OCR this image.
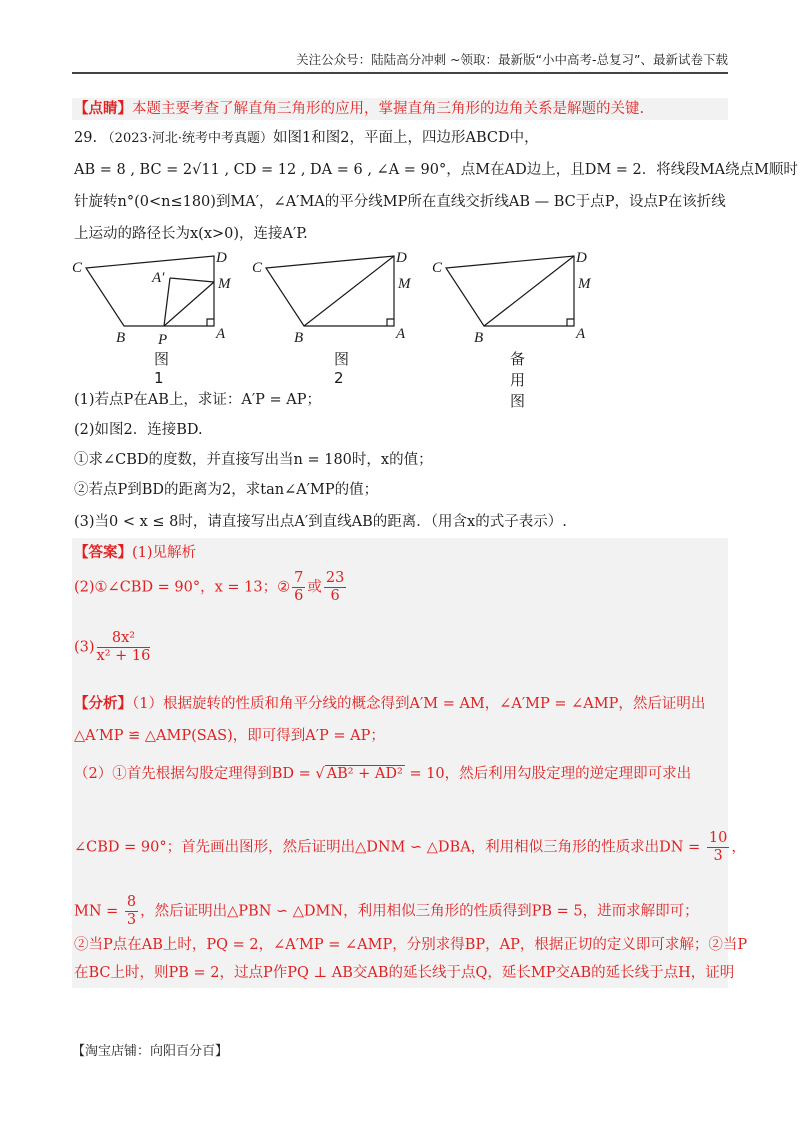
关注公众号：陆陆高分冲刺 ~领取：最新版“小中高考-总复习”、最新试卷下载
【点睛】本题主要考查了解直角三角形的应用，掌握直角三角形的边角关系是解题的关键.
29. （2023·河北·统考中考真题）如图1和图2，平面上，四边形ABCD中，
AB = 8 , BC = 2√11 , CD = 12 , DA = 6 , ∠A = 90°，点M在AD边上，且DM = 2．将线段MA绕点M顺时
针旋转n°(0<n≤180)到MA′，∠A′MA的平分线MP所在直线交折线AB — BC于点P，设点P在该折线
上运动的路径长为x(x>0)，连接A′P.
C
D
M
A
B P
A′
C
D
M
A
B
C
D
M
A
B
图1
图2
备用图
(1)若点P在AB上，求证：A′P = AP；
(2)如图2．连接BD.
①求∠CBD的度数，并直接写出当n = 180时，x的值；
②若点P到BD的距离为2，求tan∠A′MP的值；
(3)当0 < x ≤ 8时，请直接写出点A′到直线AB的距离．（用含x的式子表示）.
【答案】(1)见解析
(2)①∠CBD = 90°，x = 13；② $\frac{7}{6}$ 或 $\frac{23}{6}$
$(3) \frac{\text{8x²}}{\text{x² + 16}}$
【分析】（1）根据旋转的性质和角平分线的概念得到A′M = AM，∠A′MP = ∠AMP，然后证明出
△A′MP ≌ △AMP(SAS)，即可得到A′P = AP；
（2）①首先根据勾股定理得到BD = √ AB² + AD² = 10，然后利用勾股定理的逆定理即可求出
∠CBD = 90°；首先画出图形，然后证明出△DNM ∽ △DBA，利用相似三角形的性质求出DN = $\frac{10}{3}$ ，
MN = $\frac{8}{3}$ ，然后证明出△PBN ∽ △DMN，利用相似三角形的性质得到PB = 5，进而求解即可；
②当P点在AB上时，PQ = 2，∠A′MP = ∠AMP，分别求得BP，AP，根据正切的定义即可求解；②当P
在BC上时，则PB = 2，过点P作PQ ⊥ AB交AB的延长线于点Q，延长MP交AB的延长线于点H，证明
【淘宝店铺：向阳百分百】
